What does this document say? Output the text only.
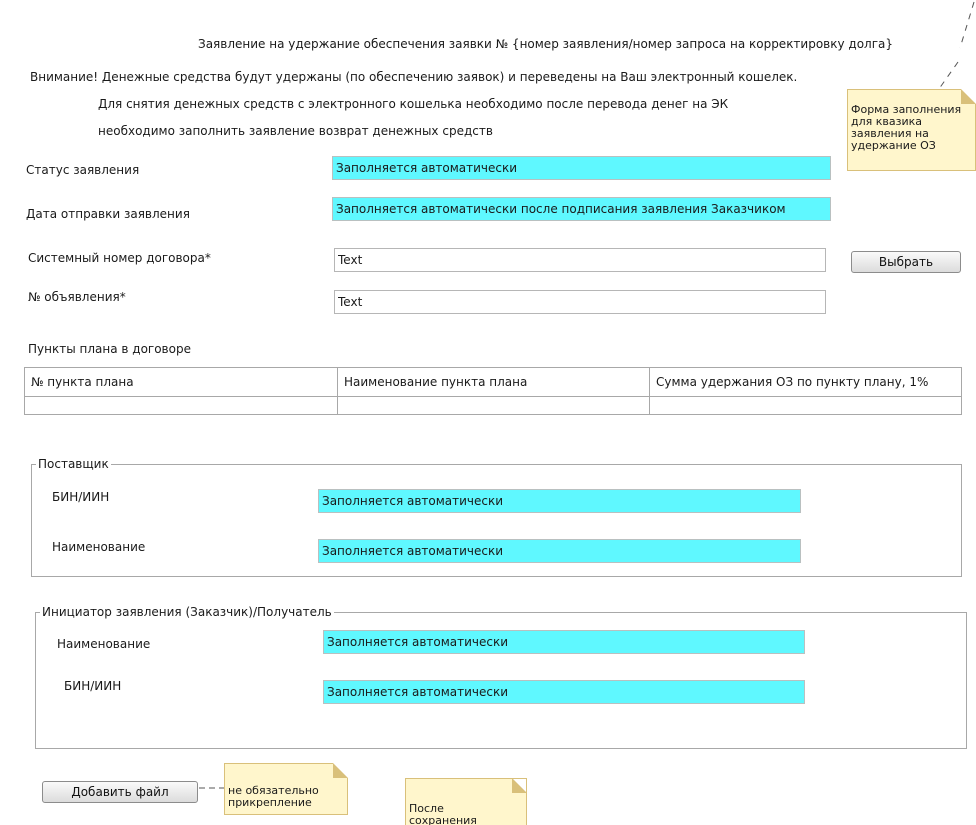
Заявление на удержание обеспечения заявки № {номер заявления/номер запроса на корректировку долга}
Внимание! Денежные средства будут удержаны (по обеспечению заявок) и переведены на Ваш электронный кошелек.
Для снятия денежных средств с электронного кошелька необходимо после перевода денег на ЭК
необходимо заполнить заявление возврат денежных средств
Форма заполнения для квазика заявления на удержание ОЗ
Статус заявления	Заполняется автоматически
Дата отправки заявления	Заполняется автоматически после подписания заявления Заказчиком
Системный номер договора*
Text	Выбрать
№ объявления*
Text
Пункты плана в договоре
№ пункта плана	Наименование пункта плана	Сумма удержания ОЗ по пункту плану, 1%

Поставщик
БИН/ИИН	Заполняется автоматически
Наименование	Заполняется автоматически
Инициатор заявления (Заказчик)/Получатель
Наименование	Заполняется автоматически
БИН/ИИН	Заполняется автоматически
Добавить файл	не обязательно прикрепление	После сохранения
